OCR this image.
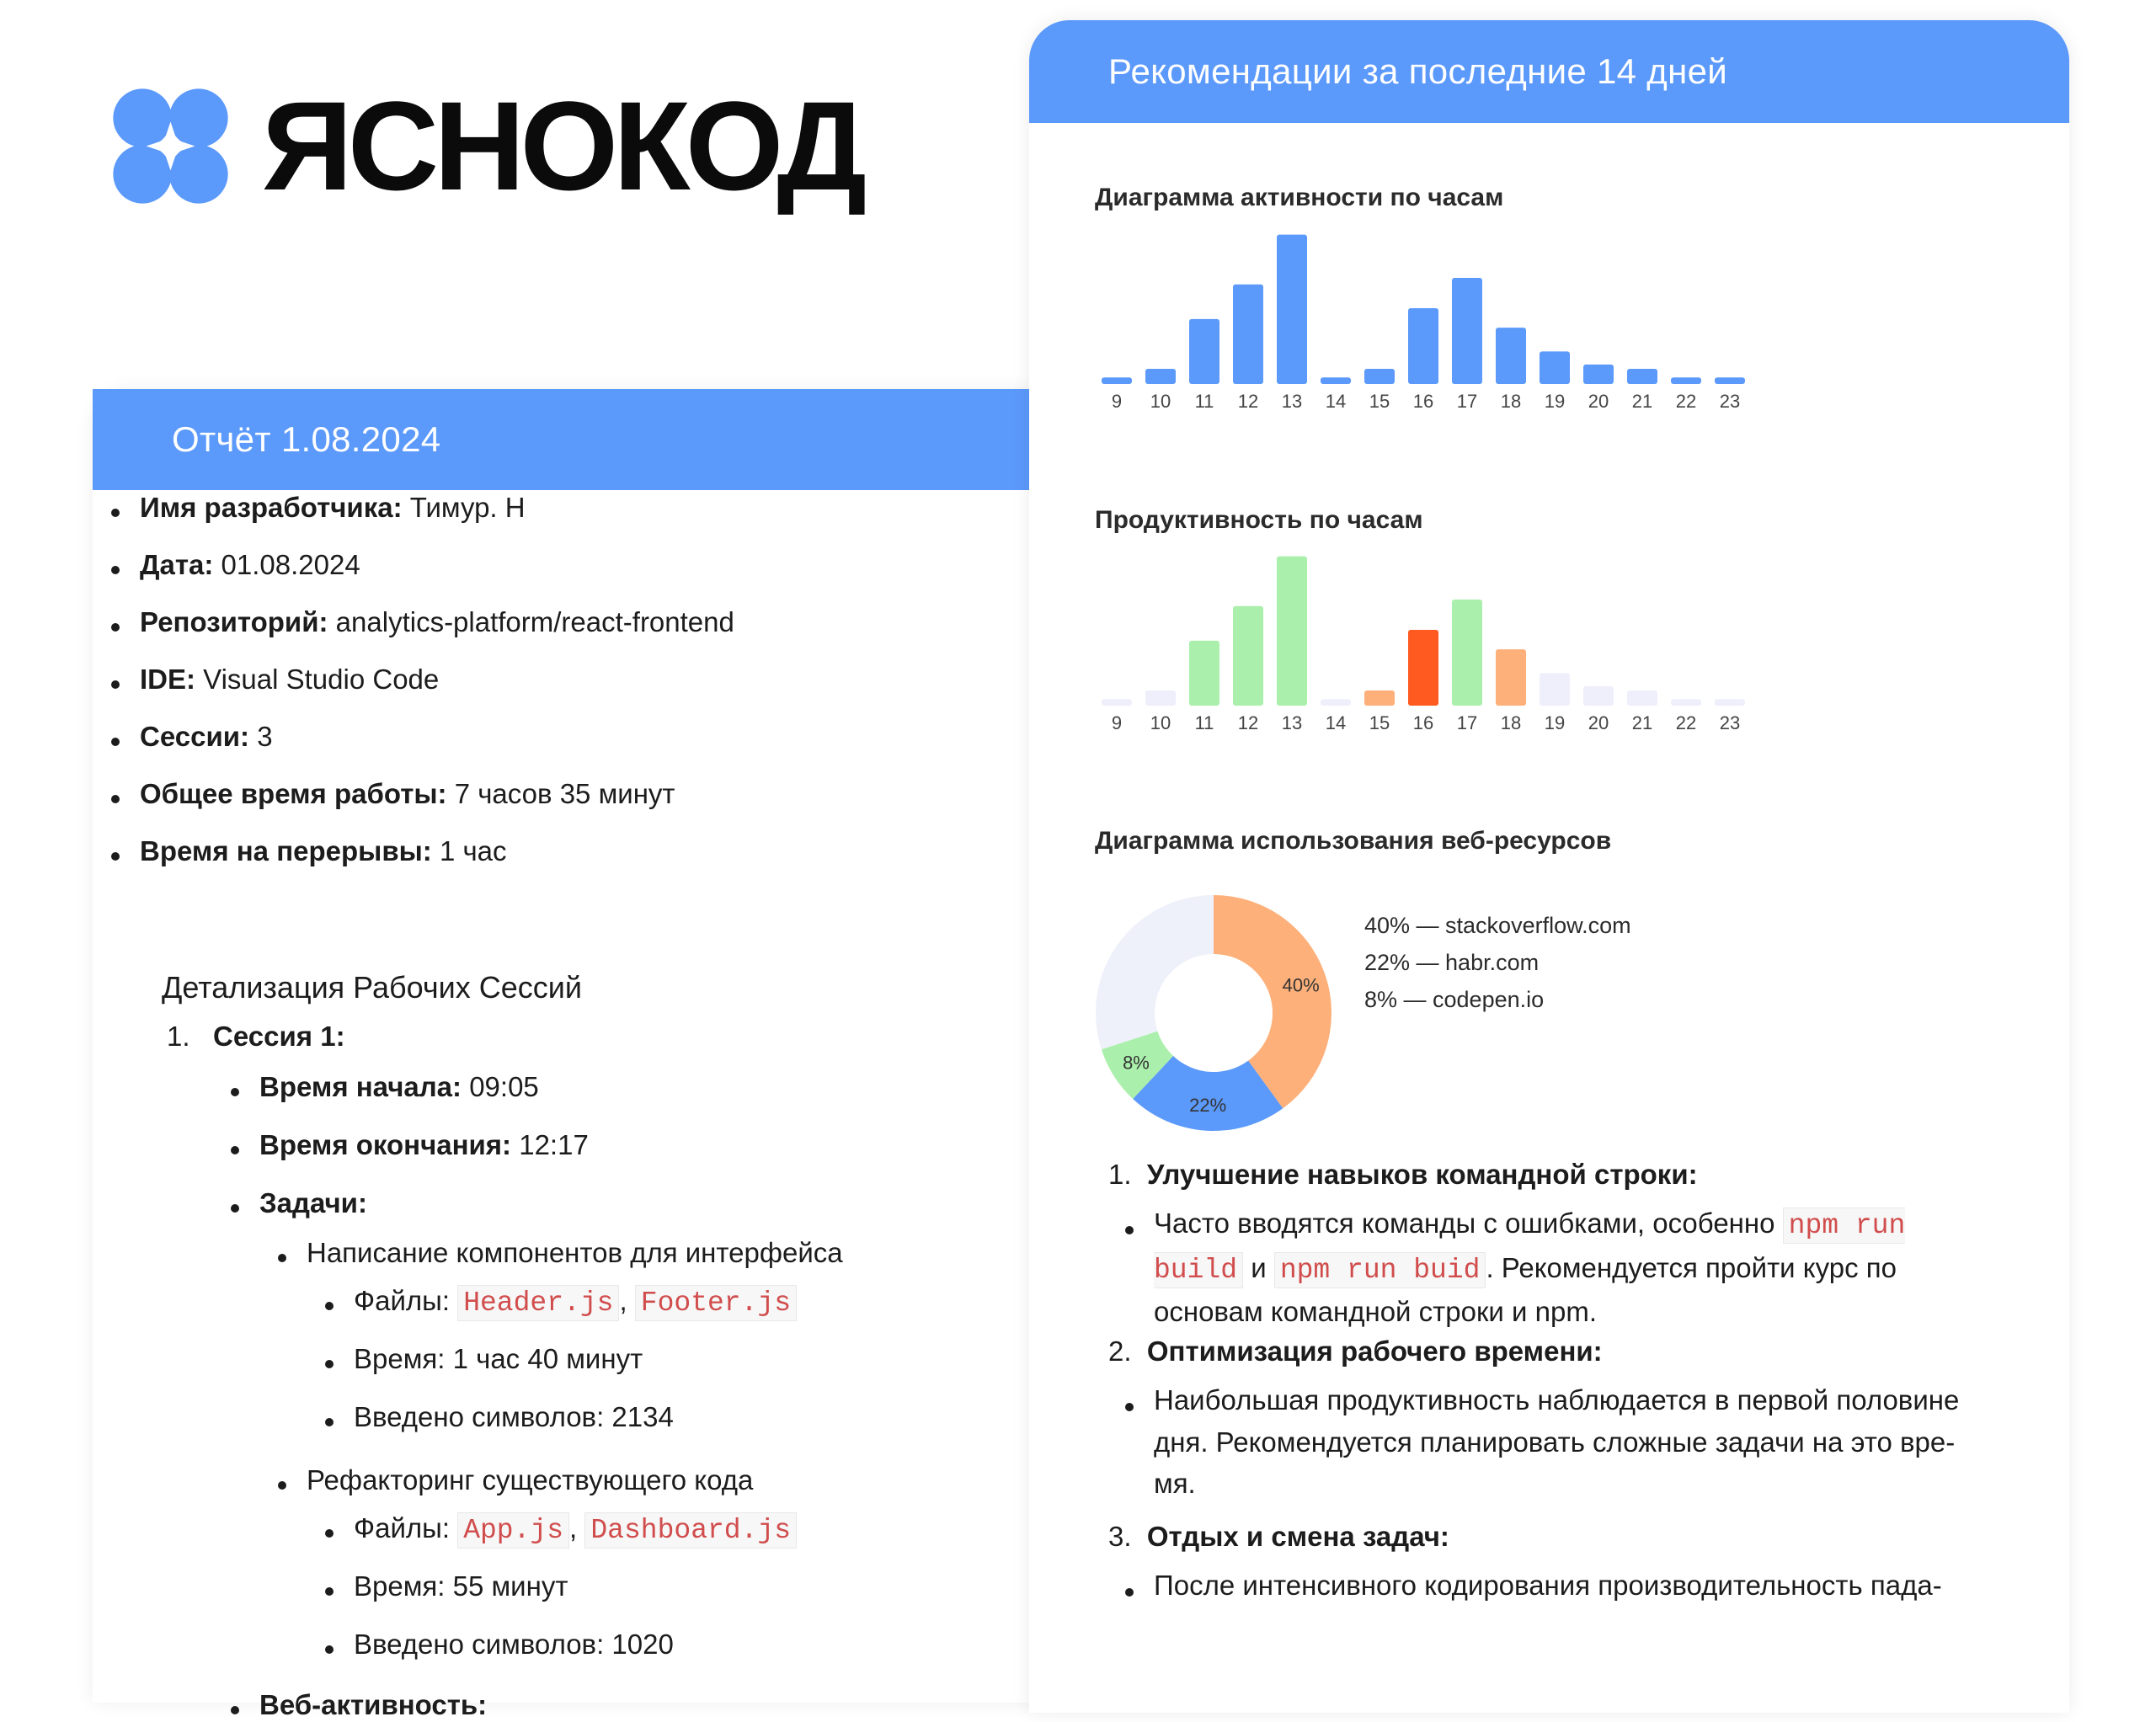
ЯСНОКОД
Отчёт 1.08.2024
Имя разработчика: Тимур. Н
Дата: 01.08.2024
Репозиторий: analytics-platform/react-frontend
IDE: Visual Studio Code
Сессии: 3
Общее время работы: 7 часов 35 минут
Время на перерывы: 1 час
Детализация Рабочих Сессий
1. Сессия 1:
Время начала: 09:05
Время окончания: 12:17
Задачи:
Написание компонентов для интерфейса
Файлы: Header.js , Footer.js
Время: 1 час 40 минут
Введено символов: 2134
Рефакторинг существующего кода
Файлы: App.js , Dashboard.js
Время: 55 минут
Введено символов: 1020
Веб-активность:
Рекомендации за последние 14 дней
Диаграмма активности по часам
9 10 11 12 13 14 15 16 17 18 19 20 21 22 23
Продуктивность по часам
9 10 11 12 13 14 15 16 17 18 19 20 21 22 23
Диаграмма использования веб-ресурсов
40%
22%
8%
40% — stackoverflow.com
22% — habr.com
8% — codepen.io
1. Улучшение навыков командной строки:
Часто вводятся команды с ошибками, особенно npm run build и npm run buid . Рекомендуется пройти курс по основам командной строки и npm.
2. Оптимизация рабочего времени:
Наибольшая продуктивность наблюдается в первой половине дня. Рекомендуется планировать сложные задачи на это вре-мя.
3. Отдых и смена задач:
После интенсивного кодирования производительность пада-
